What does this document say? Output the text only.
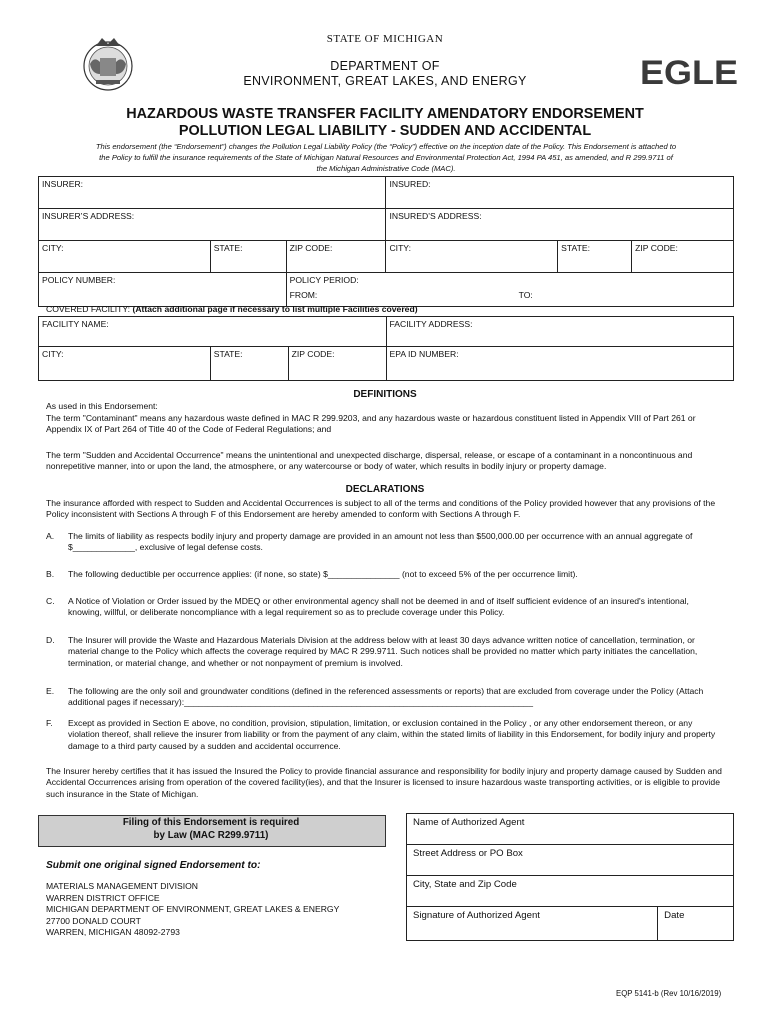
STATE OF MICHIGAN
DEPARTMENT OF
ENVIRONMENT, GREAT LAKES, AND ENERGY	EGLE
HAZARDOUS WASTE TRANSFER FACILITY AMENDATORY ENDORSEMENT
POLLUTION LEGAL LIABILITY - SUDDEN AND ACCIDENTAL
This endorsement (the “Endorsement”) changes the Pollution Legal Liability Policy (the “Policy”) effective on the inception date of the Policy. This Endorsement is attached to
the Policy to fulfill the insurance requirements of the State of Michigan Natural Resources and Environmental Protection Act, 1994 PA 451, as amended, and R 299.9711 of
the Michigan Administrative Code (MAC).
INSURER:			INSURED:		
INSURER’S ADDRESS:			INSURED’S ADDRESS:		
CITY:	STATE:	ZIP CODE:	CITY:	STATE:	ZIP CODE:
POLICY NUMBER:		POLICY PERIOD:
FROM: TO:			
COVERED FACILITY: (Attach additional page if necessary to list multiple Facilities covered)
FACILITY NAME:			FACILITY ADDRESS:
CITY:	STATE:	ZIP CODE:	EPA ID NUMBER:
DEFINITIONS
As used in this Endorsement:
The term "Contaminant" means any hazardous waste defined in MAC R 299.9203, and any hazardous waste or hazardous constituent listed in Appendix VIII of Part 261 or Appendix IX of Part 264 of Title 40 of the Code of Federal Regulations; and
The term "Sudden and Accidental Occurrence" means the unintentional and unexpected discharge, dispersal, release, or escape of a contaminant in a noncontinuous and nonrepetitive manner, into or upon the land, the atmosphere, or any watercourse or body of water, which results in bodily injury or property damage.
DECLARATIONS
The insurance afforded with respect to Sudden and Accidental Occurrences is subject to all of the terms and conditions of the Policy provided however that any provisions of the Policy inconsistent with Sections A through F of this Endorsement are hereby amended to conform with Sections A through F.
A. The limits of liability as respects bodily injury and property damage are provided in an amount not less than $500,000.00 per occurrence with an annual aggregate of $_____________, exclusive of legal defense costs.
B. The following deductible per occurrence applies: (if none, so state) $_______________ (not to exceed 5% of the per occurrence limit).
C. A Notice of Violation or Order issued by the MDEQ or other environmental agency shall not be deemed in and of itself sufficient evidence of an insured's intentional, knowing, willful, or deliberate noncompliance with a legal requirement so as to preclude coverage under this Policy.
D. The Insurer will provide the Waste and Hazardous Materials Division at the address below with at least 30 days advance written notice of cancellation, termination, or material change to the Policy which affects the coverage required by MAC R 299.9711. Such notices shall be provided no matter which party initiates the cancellation, termination, or material change, and whether or not nonpayment of premium is involved.
E. The following are the only soil and groundwater conditions (defined in the referenced assessments or reports) that are excluded from coverage under the Policy (Attach additional pages if necessary):_________________________________________________________________________
F. Except as provided in Section E above, no condition, provision, stipulation, limitation, or exclusion contained in the Policy , or any other endorsement thereon, or any violation thereof, shall relieve the insurer from liability or from the payment of any claim, within the stated limits of liability in this Endorsement, for bodily injury and property damage to a third party caused by a sudden and accidental occurrence.
The Insurer hereby certifies that it has issued the Insured the Policy to provide financial assurance and responsibility for bodily injury and property damage caused by Sudden and Accidental Occurrences arising from operation of the covered facility(ies), and that the Insurer is licensed to insure hazardous waste transporting activities, or is eligible to provide such insurance in the State of Michigan.
Filing of this Endorsement is required
by Law (MAC R299.9711)
Submit one original signed Endorsement to:
MATERIALS MANAGEMENT DIVISION
WARREN DISTRICT OFFICE
MICHIGAN DEPARTMENT OF ENVIRONMENT, GREAT LAKES & ENERGY
27700 DONALD COURT
WARREN, MICHIGAN 48092-2793
Name of Authorized Agent
Street Address or PO Box
City, State and Zip Code
Signature of Authorized Agent	Date
EQP 5141-b (Rev 10/16/2019)
